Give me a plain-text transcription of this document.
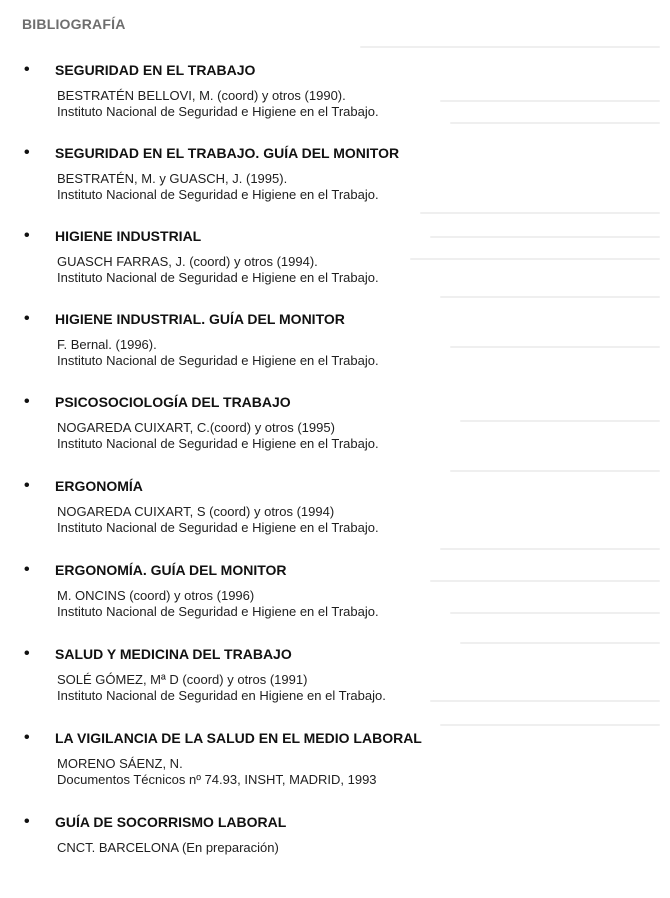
BIBLIOGRAFÍA
• SEGURIDAD EN EL TRABAJO
BESTRATÉN BELLOVI, M. (coord) y otros (1990).
Instituto Nacional de Seguridad e Higiene en el Trabajo.
• SEGURIDAD EN EL TRABAJO. GUÍA DEL MONITOR
BESTRATÉN, M. y GUASCH, J. (1995).
Instituto Nacional de Seguridad e Higiene en el Trabajo.
• HIGIENE INDUSTRIAL
GUASCH FARRAS, J. (coord) y otros (1994).
Instituto Nacional de Seguridad e Higiene en el Trabajo.
• HIGIENE INDUSTRIAL. GUÍA DEL MONITOR
F. Bernal. (1996).
Instituto Nacional de Seguridad e Higiene en el Trabajo.
• PSICOSOCIOLOGÍA DEL TRABAJO
NOGAREDA CUIXART, C.(coord) y otros (1995)
Instituto Nacional de Seguridad e Higiene en el Trabajo.
• ERGONOMÍA
NOGAREDA CUIXART, S (coord) y otros (1994)
Instituto Nacional de Seguridad e Higiene en el Trabajo.
• ERGONOMÍA. GUÍA DEL MONITOR
M. ONCINS (coord) y otros (1996)
Instituto Nacional de Seguridad e Higiene en el Trabajo.
• SALUD Y MEDICINA DEL TRABAJO
SOLÉ GÓMEZ, Mª D (coord) y otros (1991)
Instituto Nacional de Seguridad en Higiene en el Trabajo.
• LA VIGILANCIA DE LA SALUD EN EL MEDIO LABORAL
MORENO SÁENZ, N.
Documentos Técnicos nº 74.93, INSHT, MADRID, 1993
• GUÍA DE SOCORRISMO LABORAL
CNCT. BARCELONA (En preparación)
